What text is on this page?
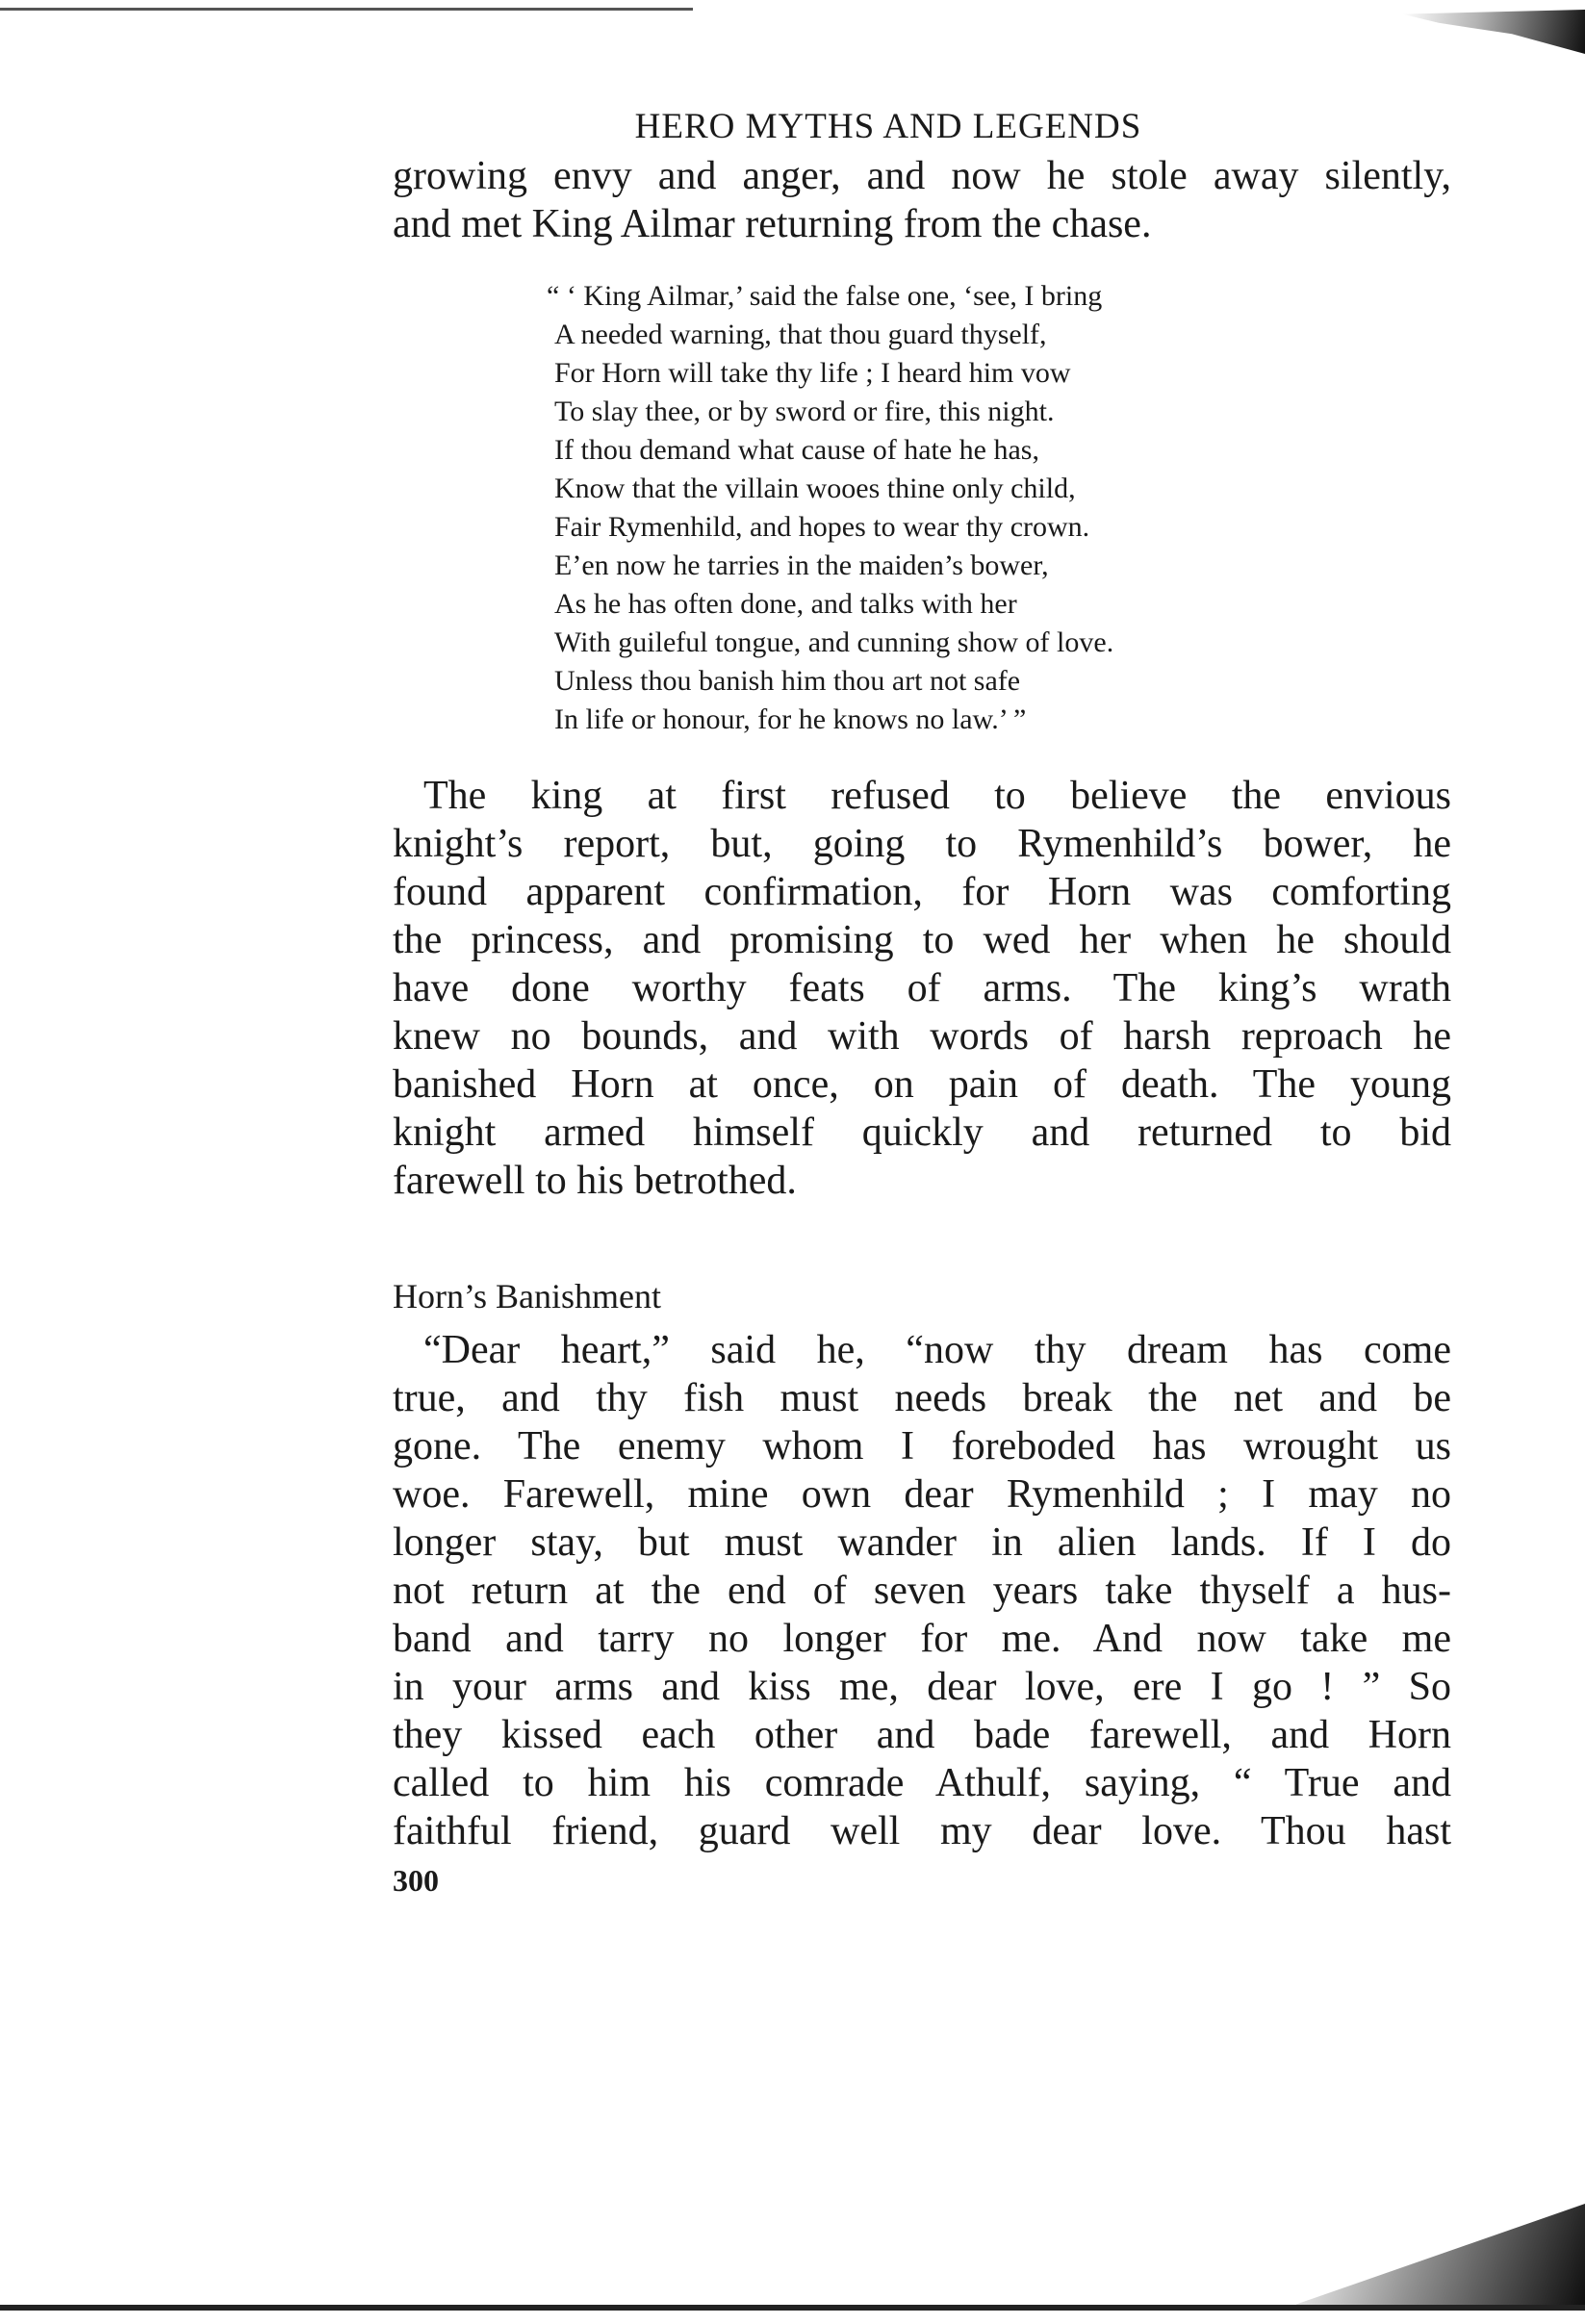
HERO MYTHS AND LEGENDS
growing envy and anger, and now he stole away silently,
and met King Ailmar returning from the chase.
“ ‘ King Ailmar,’ said the false one, ‘see, I bring
A needed warning, that thou guard thyself,
For Horn will take thy life ; I heard him vow
To slay thee, or by sword or fire, this night.
If thou demand what cause of hate he has,
Know that the villain wooes thine only child,
Fair Rymenhild, and hopes to wear thy crown.
E’en now he tarries in the maiden’s bower,
As he has often done, and talks with her
With guileful tongue, and cunning show of love.
Unless thou banish him thou art not safe
In life or honour, for he knows no law.’ ”
The king at first refused to believe the envious
knight’s report, but, going to Rymenhild’s bower, he
found apparent confirmation, for Horn was comforting
the princess, and promising to wed her when he should
have done worthy feats of arms. The king’s wrath
knew no bounds, and with words of harsh reproach he
banished Horn at once, on pain of death. The young
knight armed himself quickly and returned to bid
farewell to his betrothed.
Horn’s Banishment
“Dear heart,” said he, “now thy dream has come
true, and thy fish must needs break the net and be
gone. The enemy whom I foreboded has wrought us
woe. Farewell, mine own dear Rymenhild ; I may no
longer stay, but must wander in alien lands. If I do
not return at the end of seven years take thyself a hus-
band and tarry no longer for me. And now take me
in your arms and kiss me, dear love, ere I go ! ” So
they kissed each other and bade farewell, and Horn
called to him his comrade Athulf, saying, “ True and
faithful friend, guard well my dear love. Thou hast
300
